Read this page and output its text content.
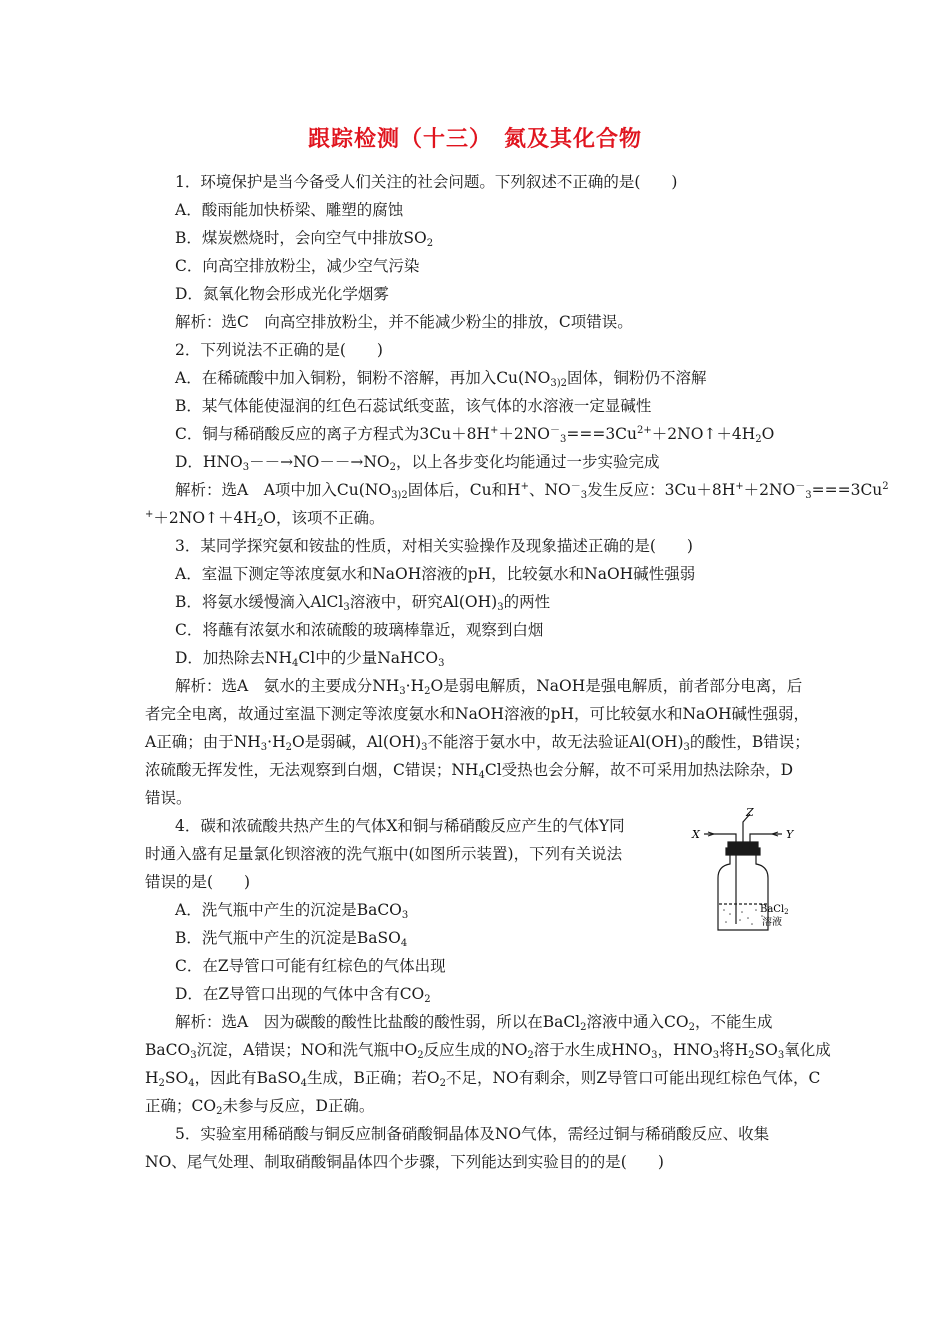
跟踪检测（十三）　氮及其化合物
1．环境保护是当今备受人们关注的社会问题。下列叙述不正确的是(　　)
A．酸雨能加快桥梁、雕塑的腐蚀
B．煤炭燃烧时，会向空气中排放$SO_2$
C．向高空排放粉尘，减少空气污染
D．氮氧化物会形成光化学烟雾
解析：选C　向高空排放粉尘，并不能减少粉尘的排放，C项错误。
2．下列说法不正确的是(　　)
A．在稀硫酸中加入铜粉，铜粉不溶解，再加入$Cu(NO_{3)2}$固体，铜粉仍不溶解
B．某气体能使湿润的红色石蕊试纸变蓝，该气体的水溶液一定显碱性
C．铜与稀硝酸反应的离子方程式为$3Cu+8H^++2NO^-_3===3Cu^{2+}+2NO↑+4H_2O$
D．$HNO_3--\to NO--\to NO_2$，以上各步变化均能通过一步实验完成
解析：选A　A项中加入$Cu(NO_{3)2}$固体后，Cu和H+、$NO^-_3$发生反应：$3Cu+8H^++2NO^-_3===3Cu^2$
$^++2NO↑+4H_2O$，该项不正确。
3．某同学探究氨和铵盐的性质，对相关实验操作及现象描述正确的是(　　)
A．室温下测定等浓度氨水和NaOH溶液的pH，比较氨水和NaOH碱性强弱
B．将氨水缓慢滴入AlCl$_3$溶液中，研究$Al(OH)_3$的两性
C．将蘸有浓氨水和浓硫酸的玻璃棒靠近，观察到白烟
D．加热除去$NH_4Cl$中的少量NaHCO$_3$
解析：选A　氨水的主要成分$NH_3\cdot H_2O$是弱电解质，NaOH是强电解质，前者部分电离，后
者完全电离，故通过室温下测定等浓度氨水和NaOH溶液的pH，可比较氨水和NaOH碱性强弱，
A正确；由于$NH_3\cdot H_2O$是弱碱，$Al(OH)_3$不能溶于氨水中，故无法验证$Al(OH)_3$的酸性，B错误；
浓硫酸无挥发性，无法观察到白烟，C错误；$NH_4Cl$受热也会分解，故不可采用加热法除杂，D
错误。
4．碳和浓硫酸共热产生的气体X和铜与稀硝酸反应产生的气体Y同
时通入盛有足量氯化钡溶液的洗气瓶中(如图所示装置)，下列有关说法
错误的是(　　)
A．洗气瓶中产生的沉淀是BaCO$_3$
B．洗气瓶中产生的沉淀是BaSO$_4$
C．在Z导管口可能有红棕色的气体出现
D．在Z导管口出现的气体中含有$CO_2$
X	Y
Z
BaCl$_2$
溶液
解析：选A　因为碳酸的酸性比盐酸的酸性弱，所以在BaCl$_2$溶液中通入$CO_2$，不能生成
BaCO$_3$沉淀，A错误；NO和洗气瓶中$O_2$反应生成的$NO_2$溶于水生成$HNO_3$，$HNO_3$将$H_2SO_3$氧化成
$H_2SO_4$，因此有BaSO$_4$生成，B正确；若$O_2$不足，NO有剩余，则Z导管口可能出现红棕色气体，C
正确；$CO_2$未参与反应，D正确。
5．实验室用稀硝酸与铜反应制备硝酸铜晶体及NO气体，需经过铜与稀硝酸反应、收集
NO、尾气处理、制取硝酸铜晶体四个步骤，下列能达到实验目的的是(　　)
